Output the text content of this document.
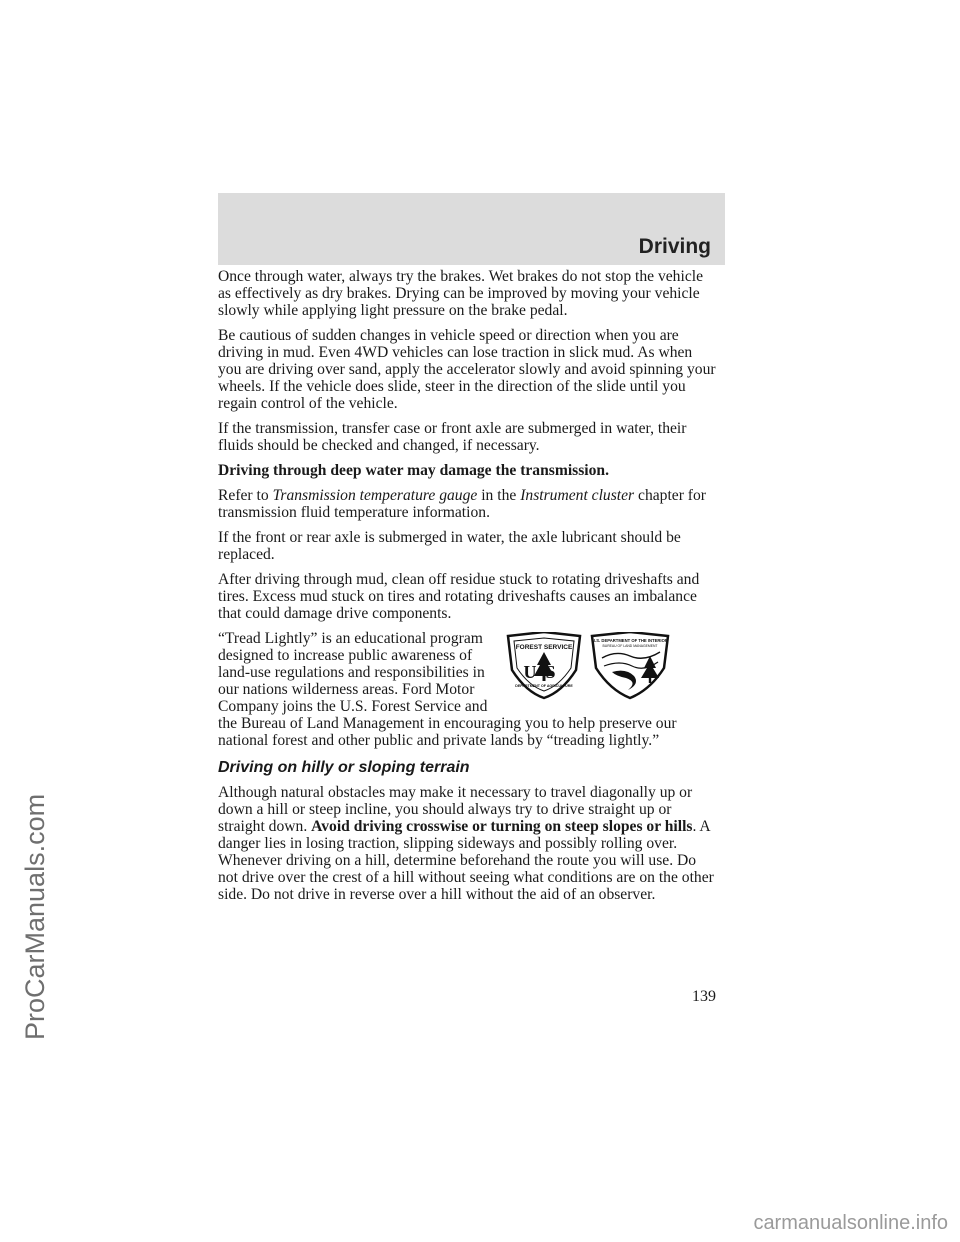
Driving

Once through water, always try the brakes. Wet brakes do not stop the vehicle as effectively as dry brakes. Drying can be improved by moving your vehicle slowly while applying light pressure on the brake pedal.

Be cautious of sudden changes in vehicle speed or direction when you are driving in mud. Even 4WD vehicles can lose traction in slick mud. As when you are driving over sand, apply the accelerator slowly and avoid spinning your wheels. If the vehicle does slide, steer in the direction of the slide until you regain control of the vehicle.

If the transmission, transfer case or front axle are submerged in water, their fluids should be checked and changed, if necessary.

Driving through deep water may damage the transmission.

Refer to Transmission temperature gauge in the Instrument cluster chapter for transmission fluid temperature information.

If the front or rear axle is submerged in water, the axle lubricant should be replaced.

After driving through mud, clean off residue stuck to rotating driveshafts and tires. Excess mud stuck on tires and rotating driveshafts causes an imbalance that could damage drive components.

FOREST SERVICE
US
DEPARTMENT OF AGRICULTURE
U.S. DEPARTMENT OF THE INTERIOR
BUREAU OF LAND MANAGEMENT

“Tread Lightly” is an educational program designed to increase public awareness of land-use regulations and responsibilities in our nations wilderness areas. Ford Motor Company joins the U.S. Forest Service and the Bureau of Land Management in encouraging you to help preserve our national forest and other public and private lands by “treading lightly.”

Driving on hilly or sloping terrain

Although natural obstacles may make it necessary to travel diagonally up or down a hill or steep incline, you should always try to drive straight up or straight down. Avoid driving crosswise or turning on steep slopes or hills. A danger lies in losing traction, slipping sideways and possibly rolling over. Whenever driving on a hill, determine beforehand the route you will use. Do not drive over the crest of a hill without seeing what conditions are on the other side. Do not drive in reverse over a hill without the aid of an observer.

139
ProCarManuals.com
carmanualsonline.info
